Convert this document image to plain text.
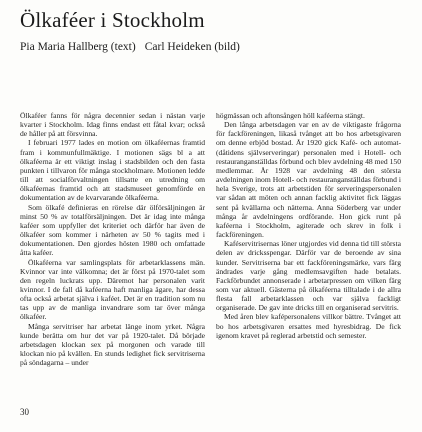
Ölkaféer i Stockholm
Pia Maria Hallberg (text) Carl Heideken (bild)

Ölkaféer fanns för några decennier sedan i nästan varje kvarter i Stockholm. Idag finns endast ett fåtal kvar; också de håller på att försvinna.

I februari 1977 lades en motion om ölkaféernas framtid fram i kommunfullmäktige. I motionen sägs bl a att ölkaféerna är ett viktigt inslag i stadsbilden och den fasta punkten i tillvaron för många stockholmare. Motionen ledde till att socialförvaltningen tillsatte en utredning om ölkaféernas framtid och att stadsmuseet genomförde en dokumentation av de kvarvarande ölkaféerna.

Som ölkafé definieras en rörelse där ölförsäljningen är minst 50 % av totalförsäljningen. Det är idag inte många kaféer som uppfyller det kriteriet och därför har även de ölkaféer som kommer i närheten av 50 % tagits med i dokumentationen. Den gjordes hösten 1980 och omfattade åtta kaféer.

Ölkaféerna var samlingsplats för arbetarklassens män. Kvinnor var inte välkomna; det är först på 1970-talet som den regeln luckrats upp. Däremot har personalen varit kvinnor. I de fall då kaféerna haft manliga ägare, har dessa ofta också arbetat själva i kaféet. Det är en tradition som nu tas upp av de manliga invandrare som tar över många ölkaféer.

Många servitriser har arbetat länge inom yrket. Några kunde berätta om hur det var på 1920-talet. Då började arbetsdagen klockan sex på morgonen och varade till klockan nio på kvällen. En stunds ledighet fick servitriserna på söndagarna – under

högmässan och aftonsången höll kaféerna stängt.

Den långa arbetsdagen var en av de viktigaste frågorna för fackföreningen, likaså tvånget att bo hos arbetsgivaren om denne erbjöd bostad. År 1920 gick Kafé- och automat- (dåtidens självserveringar) personalen med i Hotell- och restauranganställdas förbund och blev avdelning 48 med 150 medlemmar. År 1928 var avdelning 48 den största avdelningen inom Hotell- och restauranganställdas förbund i hela Sverige, trots att arbetstiden för serveringspersonalen var sådan att möten och annan facklig aktivitet fick läggas sent på kvällarna och nätterna. Anna Söderberg var under många år avdelningens ordförande. Hon gick runt på kaféerna i Stockholm, agiterade och skrev in folk i fackföreningen.

Kaféservitrisernas löner utgjordes vid denna tid till största delen av dricksspengar. Därför var de beroende av sina kunder. Servitriserna bar ett fackföreningsmärke, vars färg ändrades varje gång medlemsavgiften hade betalats. Fackförbundet annonserade i arbetarpressen om vilken färg som var aktuell. Gästerna på ölkaféerna tilltalade i de allra flesta fall arbetarklassen och var själva fackligt organiserade. De gav inte dricks till en organiserad servitris.

Med åren blev kafépersonalens villkor bättre. Tvånget att bo hos arbetsgivaren ersattes med hyresbidrag. De fick igenom kravet på reglerad arbetstid och semester.

30
